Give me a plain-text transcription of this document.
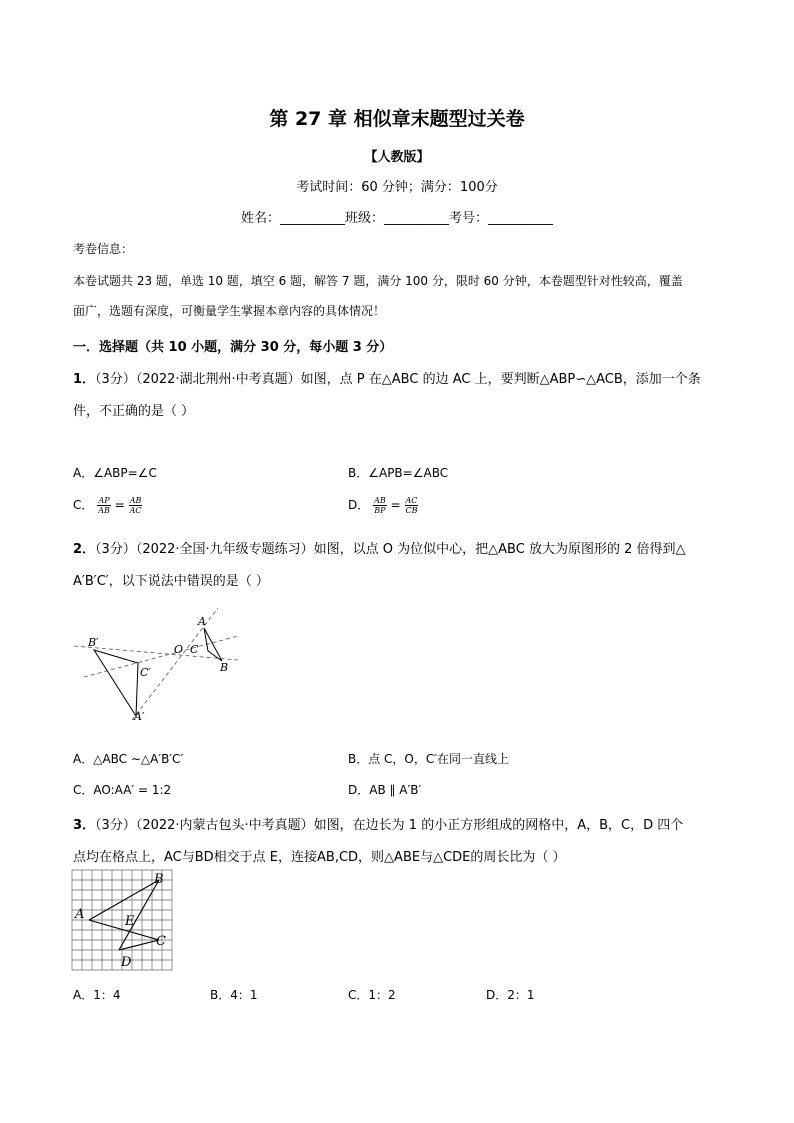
第 27 章 相似章末题型过关卷
【人教版】
考试时间：60 分钟；满分：100分
姓名：__________班级：__________考号：__________
考卷信息：
本卷试题共 23 题，单选 10 题，填空 6 题，解答 7 题，满分 100 分，限时 60 分钟，本卷题型针对性较高，覆盖
面广，选题有深度，可衡量学生掌握本章内容的具体情况！
一．选择题（共 10 小题，满分 30 分，每小题 3 分）
1．（3分）（2022·湖北荆州·中考真题）如图，点 P 在△ABC 的边 AC 上，要判断△ABP∽△ACB，添加一个条
件，不正确的是（ ）
A．∠ABP=∠C	B．∠APB=∠ABC
C． $\frac{AP}{AB} = \frac{AB}{AC}$	D． $\frac{AB}{BP} = \frac{AC}{CB}$
2．（3分）（2022·全国·九年级专题练习）如图，以点 O 为位似中心，把△ABC 放大为原图形的 2 倍得到△
A′B′C′，以下说法中错误的是（ ）
A
B
C
O
A′
B′
C′
A．△ABC ∼△A′B′C′	B．点 C，O，C′在同一直线上
C．AO:AA′ = 1:2	D．AB ∥ A′B′
3．（3分）（2022·内蒙古包头·中考真题）如图，在边长为 1 的小正方形组成的网格中，A，B，C，D 四个
点均在格点上，AC与BD相交于点 E，连接AB,CD，则△ABE与△CDE的周长比为（ ）
A
B
C
D
E
A．1：4	B．4：1	C．1：2	D．2：1
